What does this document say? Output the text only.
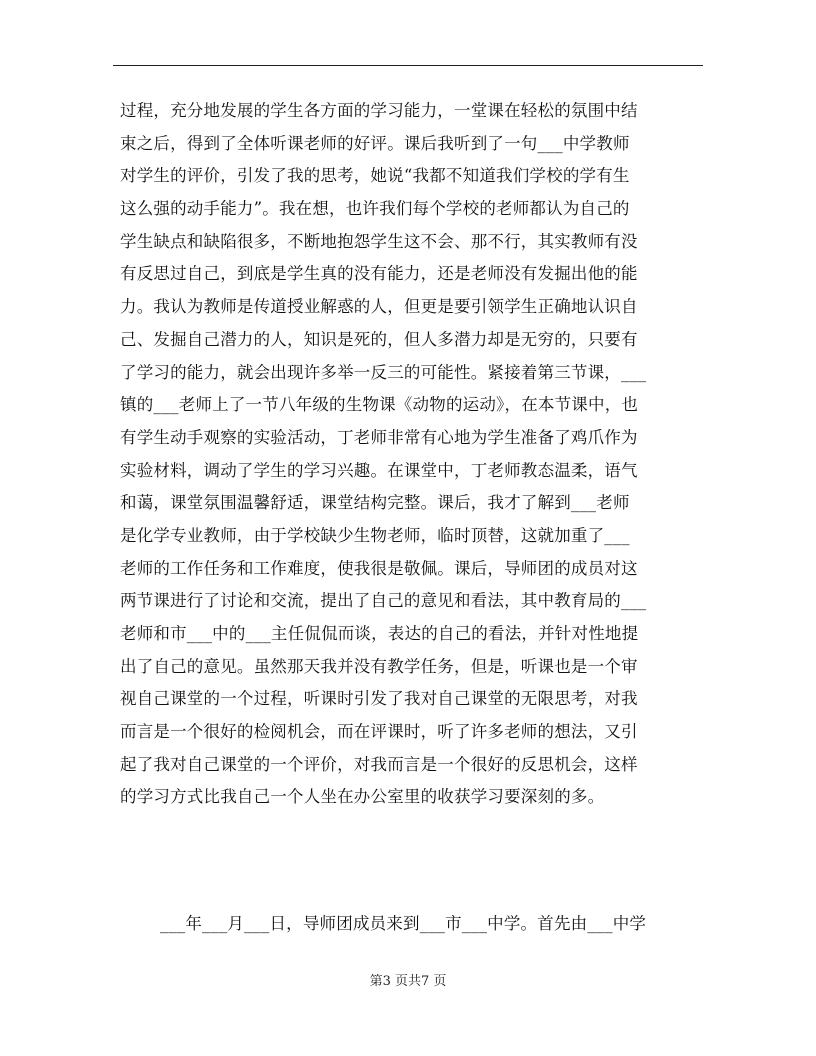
过程，充分地发展的学生各方面的学习能力，一堂课在轻松的氛围中结
束之后，得到了全体听课老师的好评。课后我听到了一句___中学教师
对学生的评价，引发了我的思考，她说“我都不知道我们学校的学有生
这么强的动手能力”。我在想，也许我们每个学校的老师都认为自己的
学生缺点和缺陷很多，不断地抱怨学生这不会、那不行，其实教师有没
有反思过自己，到底是学生真的没有能力，还是老师没有发掘出他的能
力。我认为教师是传道授业解惑的人，但更是要引领学生正确地认识自
己、发掘自己潜力的人，知识是死的，但人多潜力却是无穷的，只要有
了学习的能力，就会出现许多举一反三的可能性。紧接着第三节课，___
镇的___老师上了一节八年级的生物课《动物的运动》，在本节课中，也
有学生动手观察的实验活动，丁老师非常有心地为学生准备了鸡爪作为
实验材料，调动了学生的学习兴趣。在课堂中，丁老师教态温柔，语气
和蔼，课堂氛围温馨舒适，课堂结构完整。课后，我才了解到___老师
是化学专业教师，由于学校缺少生物老师，临时顶替，这就加重了___
老师的工作任务和工作难度，使我很是敬佩。课后，导师团的成员对这
两节课进行了讨论和交流，提出了自己的意见和看法，其中教育局的___
老师和市___中的___主任侃侃而谈，表达的自己的看法，并针对性地提
出了自己的意见。虽然那天我并没有教学任务，但是，听课也是一个审
视自己课堂的一个过程，听课时引发了我对自己课堂的无限思考，对我
而言是一个很好的检阅机会，而在评课时，听了许多老师的想法，又引
起了我对自己课堂的一个评价，对我而言是一个很好的反思机会，这样
的学习方式比我自己一个人坐在办公室里的收获学习要深刻的多。
___年___月___日，导师团成员来到___市___中学。首先由___中学
第3 页共7 页
